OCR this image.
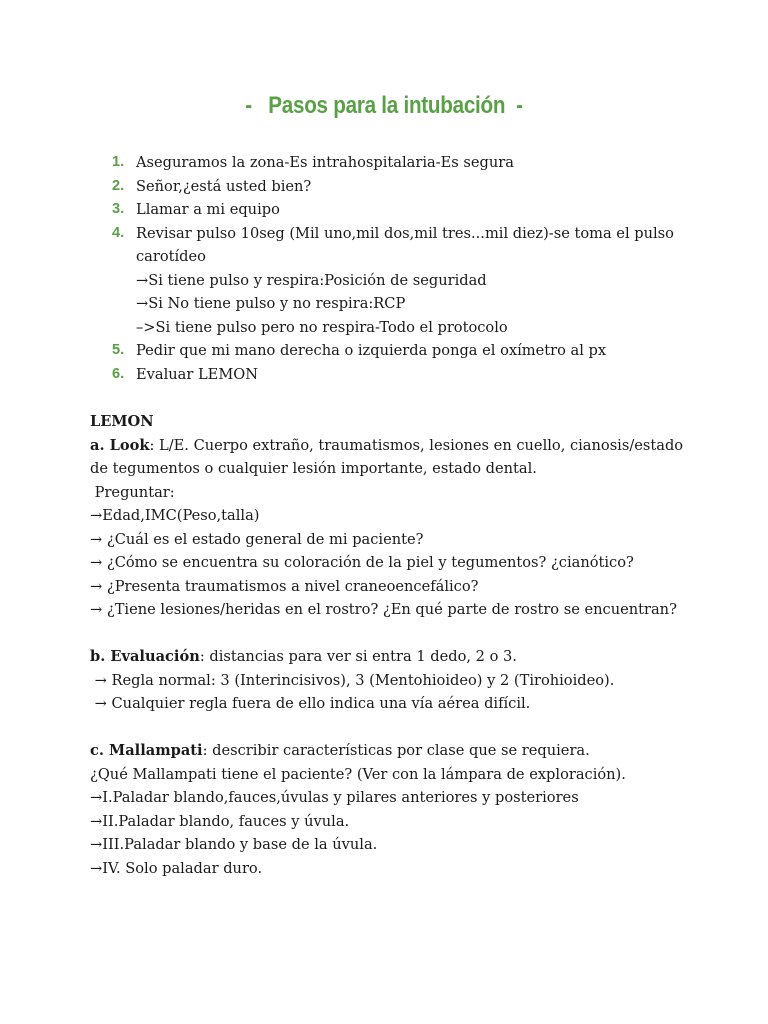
-   Pasos para la intubación  -
1. Aseguramos la zona-Es intrahospitalaria-Es segura
2. Señor,¿está usted bien?
3. Llamar a mi equipo
4. Revisar pulso 10seg (Mil uno,mil dos,mil tres...mil diez)-se toma el pulso carotídeo
→Si tiene pulso y respira:Posición de seguridad
→Si No tiene pulso y no respira:RCP
–>Si tiene pulso pero no respira-Todo el protocolo
5. Pedir que mi mano derecha o izquierda ponga el oxímetro al px
6. Evaluar LEMON

LEMON

a. Look: L/E. Cuerpo extraño, traumatismos, lesiones en cuello, cianosis/estado de tegumentos o cualquier lesión importante, estado dental.

Preguntar:

→Edad,IMC(Peso,talla)

→ ¿Cuál es el estado general de mi paciente?

→ ¿Cómo se encuentra su coloración de la piel y tegumentos? ¿cianótico?

→ ¿Presenta traumatismos a nivel craneoencefálico?

→ ¿Tiene lesiones/heridas en el rostro? ¿En qué parte de rostro se encuentran?

b. Evaluación: distancias para ver si entra 1 dedo, 2 o 3.

→ Regla normal: 3 (Interincisivos), 3 (Mentohioideo) y 2 (Tirohioideo).

→ Cualquier regla fuera de ello indica una vía aérea difícil.

c. Mallampati: describir características por clase que se requiera.

¿Qué Mallampati tiene el paciente? (Ver con la lámpara de exploración).

→I.Paladar blando,fauces,úvulas y pilares anteriores y posteriores

→II.Paladar blando, fauces y úvula.

→III.Paladar blando y base de la úvula.

→IV. Solo paladar duro.
